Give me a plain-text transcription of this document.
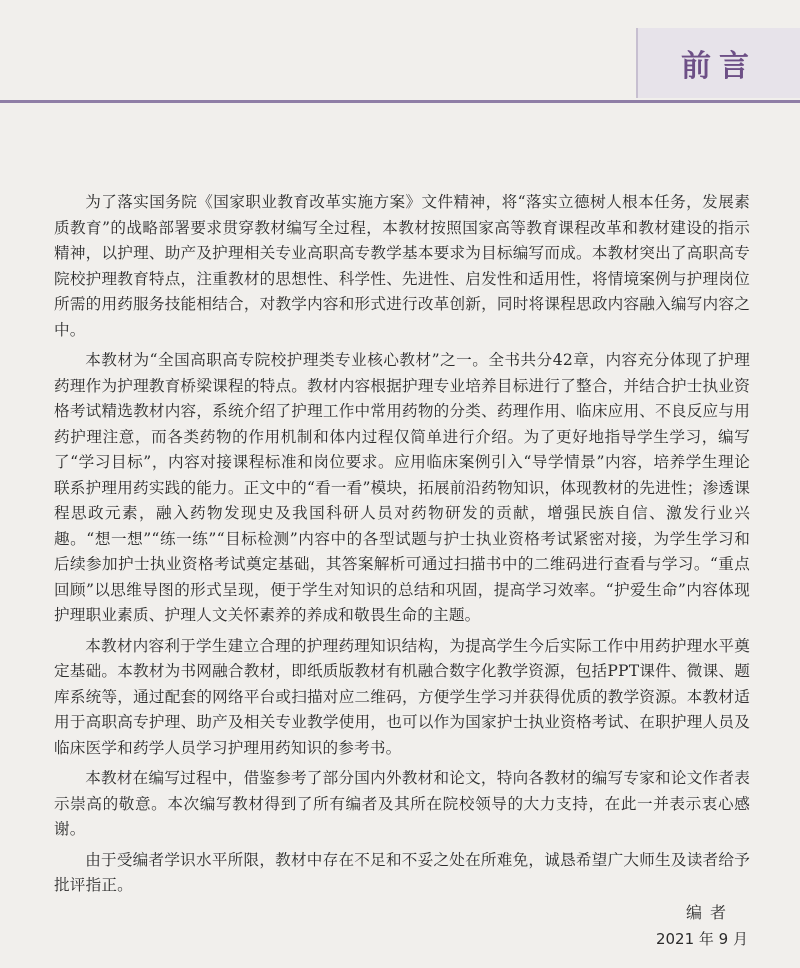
前言

为了落实国务院《国家职业教育改革实施方案》文件精神，将“落实立德树人根本任务，发展素质教育”的战略部署要求贯穿教材编写全过程，本教材按照国家高等教育课程改革和教材建设的指示精神，以护理、助产及护理相关专业高职高专教学基本要求为目标编写而成。本教材突出了高职高专院校护理教育特点，注重教材的思想性、科学性、先进性、启发性和适用性，将情境案例与护理岗位所需的用药服务技能相结合，对教学内容和形式进行改革创新，同时将课程思政内容融入编写内容之中。

本教材为“全国高职高专院校护理类专业核心教材”之一。全书共分42章，内容充分体现了护理药理作为护理教育桥梁课程的特点。教材内容根据护理专业培养目标进行了整合，并结合护士执业资格考试精选教材内容，系统介绍了护理工作中常用药物的分类、药理作用、临床应用、不良反应与用药护理注意，而各类药物的作用机制和体内过程仅简单进行介绍。为了更好地指导学生学习，编写了“学习目标”，内容对接课程标准和岗位要求。应用临床案例引入“导学情景”内容，培养学生理论联系护理用药实践的能力。正文中的“看一看”模块，拓展前沿药物知识，体现教材的先进性；渗透课程思政元素，融入药物发现史及我国科研人员对药物研发的贡献，增强民族自信、激发行业兴趣。“想一想”“练一练”“目标检测”内容中的各型试题与护士执业资格考试紧密对接，为学生学习和后续参加护士执业资格考试奠定基础，其答案解析可通过扫描书中的二维码进行查看与学习。“重点回顾”以思维导图的形式呈现，便于学生对知识的总结和巩固，提高学习效率。“护爱生命”内容体现护理职业素质、护理人文关怀素养的养成和敬畏生命的主题。

本教材内容利于学生建立合理的护理药理知识结构，为提高学生今后实际工作中用药护理水平奠定基础。本教材为书网融合教材，即纸质版教材有机融合数字化教学资源，包括PPT课件、微课、题库系统等，通过配套的网络平台或扫描对应二维码，方便学生学习并获得优质的教学资源。本教材适用于高职高专护理、助产及相关专业教学使用，也可以作为国家护士执业资格考试、在职护理人员及临床医学和药学人员学习护理用药知识的参考书。

本教材在编写过程中，借鉴参考了部分国内外教材和论文，特向各教材的编写专家和论文作者表示崇高的敬意。本次编写教材得到了所有编者及其所在院校领导的大力支持，在此一并表示衷心感谢。

由于受编者学识水平所限，教材中存在不足和不妥之处在所难免，诚恳希望广大师生及读者给予批评指正。

编者
2021 年 9 月
